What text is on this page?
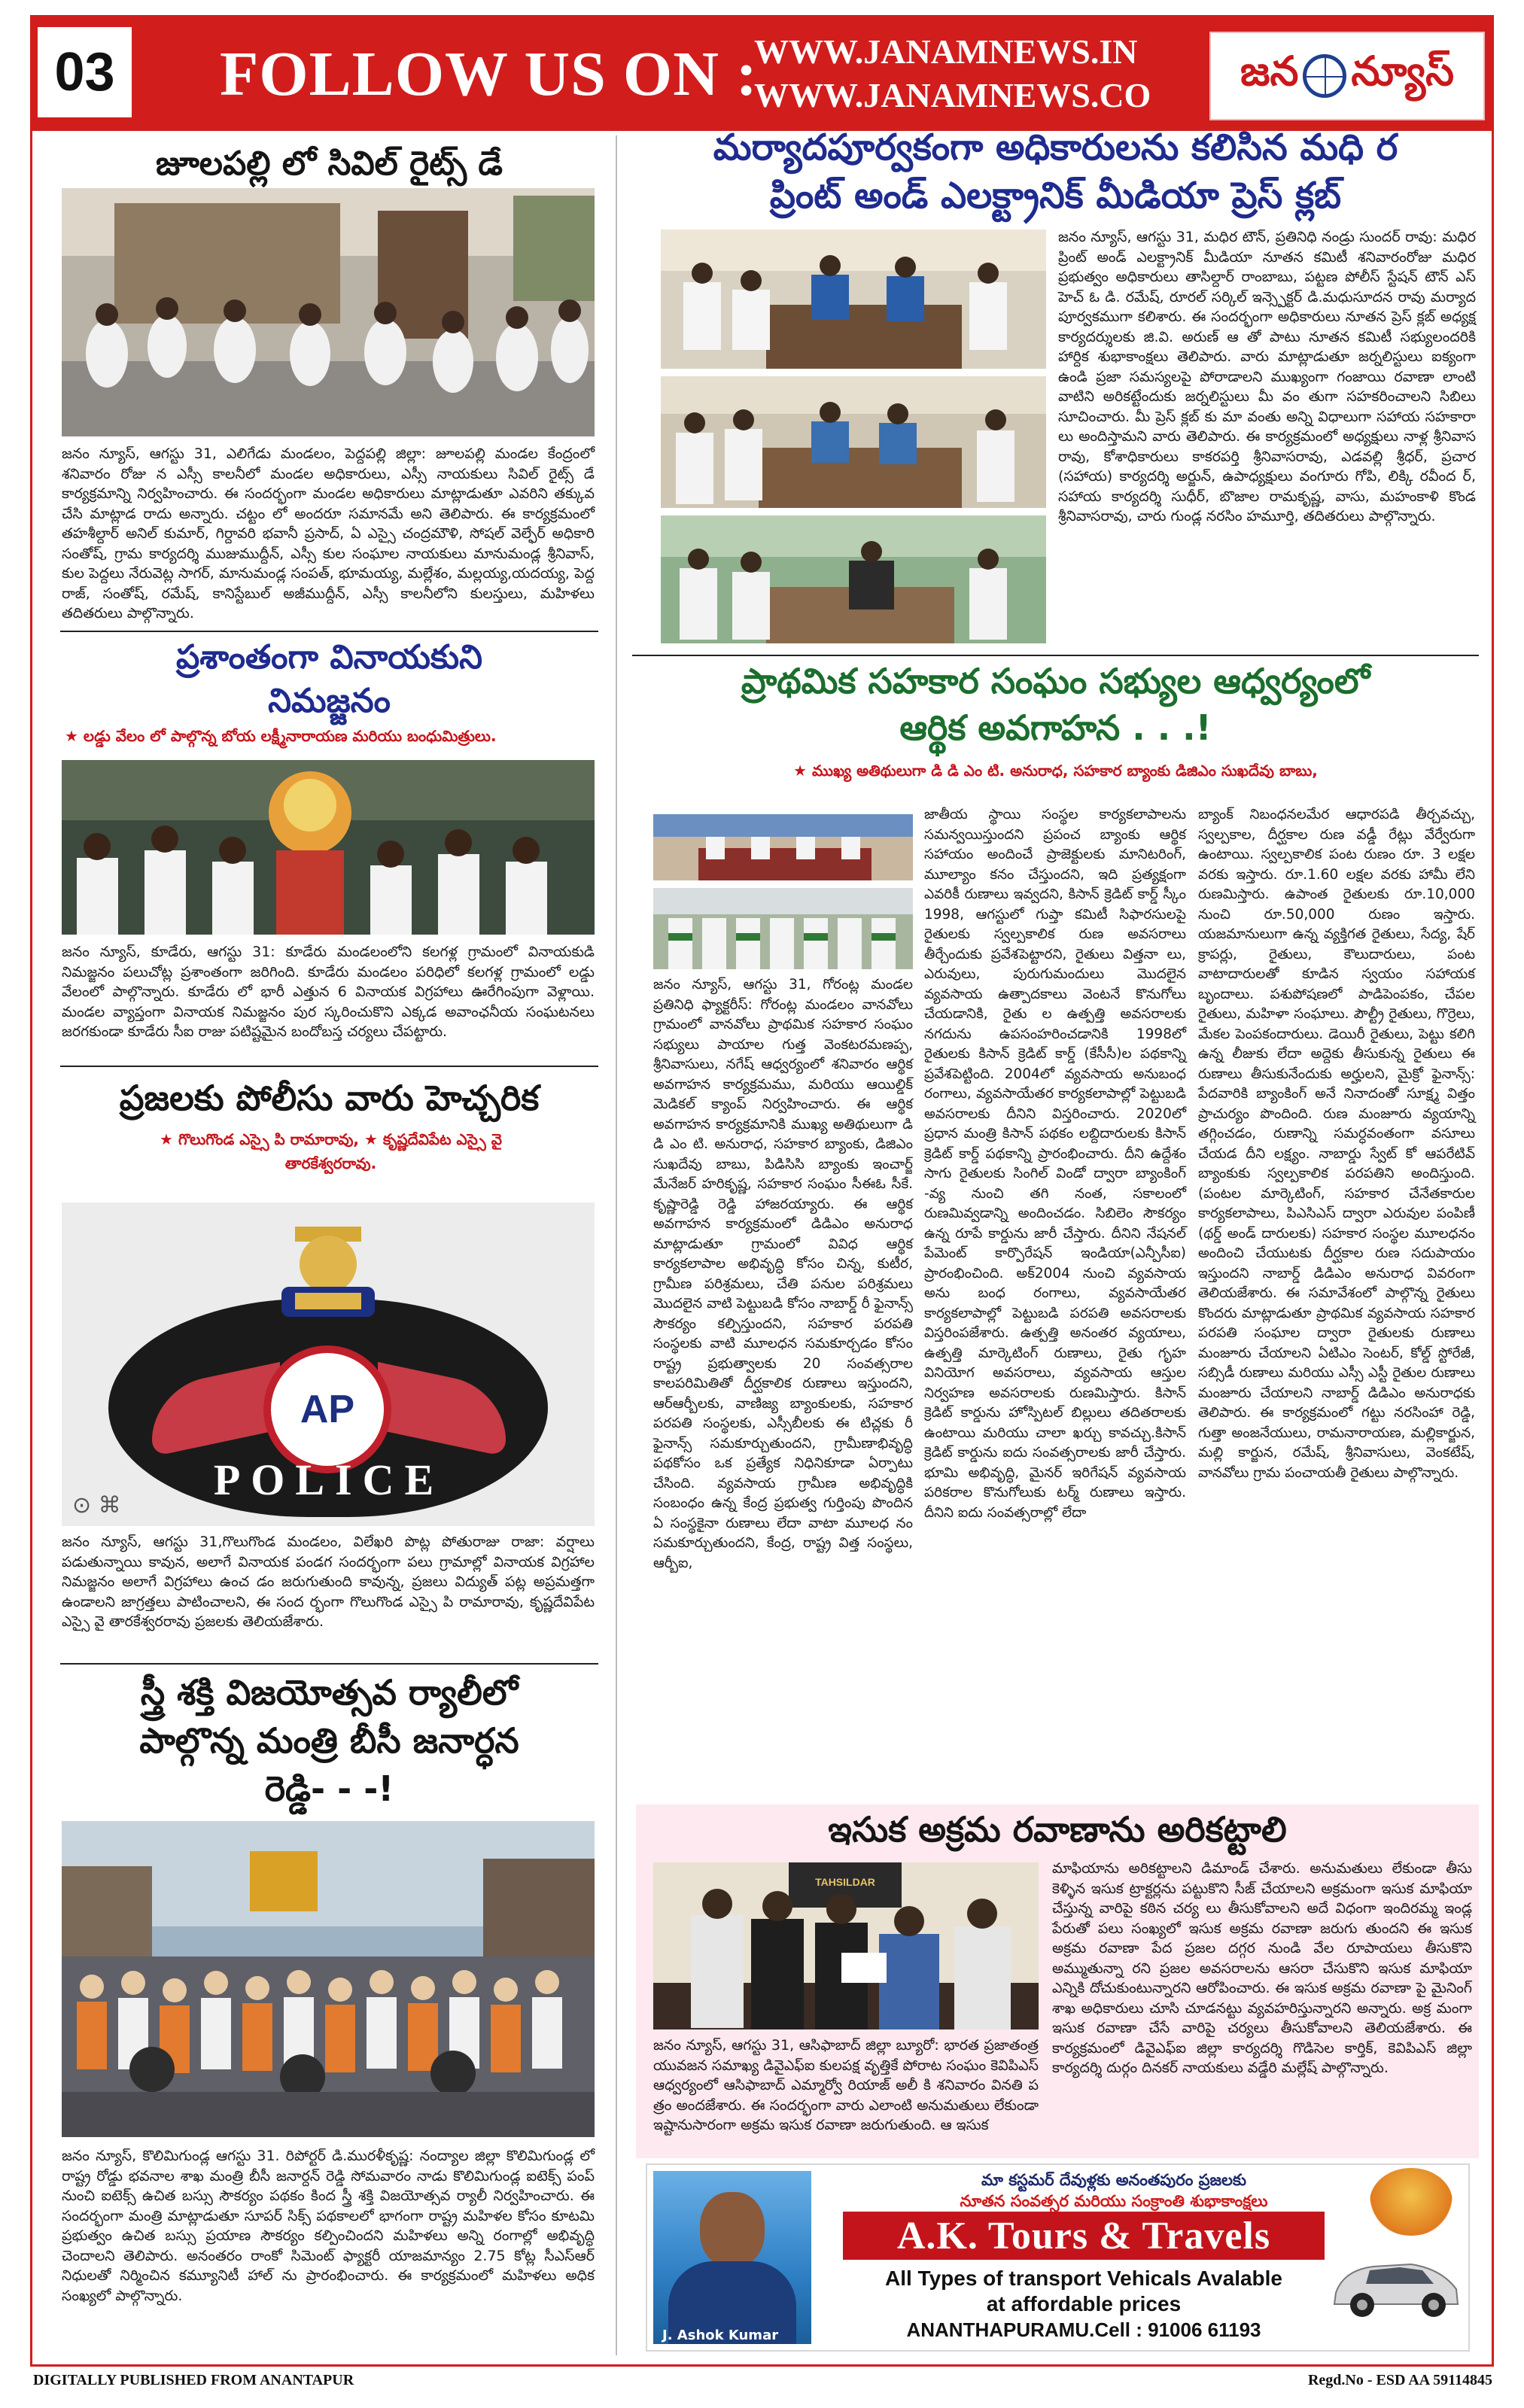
03 FOLLOW US ON :
WWW.JANAMNEWS.IN
WWW.JANAMNEWS.CO
జన న్యూస్
జూలపల్లి లో సివిల్ రైట్స్ డే
జనం న్యూస్, ఆగస్టు 31, ఎలిగేడు మండలం, పెద్దపల్లి జిల్లా: జూలపల్లి మండల కేంద్రంలో శనివారం రోజు న ఎస్సీ కాలనీలో మండల అధికారులు, ఎస్సీ నాయకులు సివిల్ రైట్స్ డే కార్యక్రమాన్ని నిర్వహించారు. ఈ సందర్భంగా మండల అధికారులు మాట్లాడుతూ ఎవరిని తక్కువ చేసి మాట్లాడ రాదు అన్నారు. చట్టం లో అందరూ సమానమే అని తెలిపారు. ఈ కార్యక్రమంలో తహశీల్దార్ అనిల్ కుమార్, గిర్దావరి భవానీ ప్రసాద్, ఏ ఎస్సై చంద్రమౌళి, సోషల్ వెల్ఫేర్ అధికారి సంతోష్, గ్రామ కార్యదర్శి ముజుముద్దీన్, ఎస్సీ కుల సంఘాల నాయకులు మానుమండ్ల శ్రీనివాస్, కుల పెద్దలు నేరువెట్ల సాగర్, మానుమండ్ల సంపత్, భూమయ్య, మల్లేశం, మల్లయ్య,యదయ్య, పెద్ద రాజ్, సంతోష్, రమేష్, కానిస్టేబుల్ అజీముద్దీన్, ఎస్సీ కాలనీలోని కులస్తులు, మహిళలు తదితరులు పాల్గొన్నారు.
ప్రశాంతంగా వినాయకుని
నిమజ్జనం
★ లడ్డు వేలం లో పాల్గొన్న బోయ లక్ష్మీనారాయణ మరియు బంధుమిత్రులు.
జనం న్యూస్, కూడేరు, ఆగస్టు 31: కూడేరు మండలంలోని కలగళ్ల గ్రామంలో వినాయకుడి నిమజ్జనం పలుచోట్ల ప్రశాంతంగా జరిగింది. కూడేరు మండలం పరిధిలో కలగళ్ల గ్రామంలో లడ్డు వేలంలో పాల్గొన్నారు. కూడేరు లో భారీ ఎత్తున 6 వినాయక విగ్రహాలు ఊరేగింపుగా వెళ్లాయి. మండల వ్యాప్తంగా వినాయక నిమజ్జనం పుర స్కరించుకొని ఎక్కడ అవాంఛనీయ సంఘటనలు జరగకుండా కూడేరు సీఐ రాజు పటిష్టమైన బందోబస్త చర్యలు చేపట్టారు.
ప్రజలకు పోలీసు వారు హెచ్చరిక
★ గొలుగొండ ఎస్సై పి రామారావు, ★ కృష్ణదేవిపేట ఎస్సై వై
తారకేశ్వరరావు.
AP
POLICE
⊙ ⌘
జనం న్యూస్, ఆగస్టు 31,గొలుగొండ మండలం, విలేఖరి పొట్ల పోతురాజు రాజా: వర్షాలు పడుతున్నాయి కావున, అలాగే వినాయక పండగ సందర్భంగా పలు గ్రామాల్లో వినాయక విగ్రహాల నిమజ్జనం అలాగే విగ్రహాలు ఉంచ డం జరుగుతుంది కావున్న, ప్రజలు విద్యుత్ పట్ల అప్రమత్తగా ఉండాలని జాగ్రత్తలు పాటించాలని, ఈ సంద ర్భంగా గొలుగొండ ఎస్సై పి రామారావు, కృష్ణదేవిపేట ఎస్సై వై తారకేశ్వరరావు ప్రజలకు తెలియజేశారు.
స్త్రీ శక్తి విజయోత్సవ ర్యాలీలో
పాల్గొన్న మంత్రి బీసీ జనార్ధన
రెడ్డి- - -!
జనం న్యూస్, కొలిమిగుండ్ల ఆగస్టు 31. రిపోర్టర్ డి.మురళీకృష్ణ: నంద్యాల జిల్లా కొలిమిగుండ్ల లో రాష్ట్ర రోడ్డు భవనాల శాఖ మంత్రి బీసీ జనార్దన్ రెడ్డి సోమవారం నాడు కొలిమిగుండ్ల ఐటెక్స్ పంప్ నుంచి ఐటెక్స్ ఉచిత బస్సు సౌకర్యం పథకం కింద స్త్రీ శక్తి విజయోత్సవ ర్యాలీ నిర్వహించారు. ఈ సందర్భంగా మంత్రి మాట్లాడుతూ సూపర్ సిక్స్ పథకాలలో భాగంగా రాష్ట్ర మహిళల కోసం కూటమి ప్రభుత్వం ఉచిత బస్సు ప్రయాణ సౌకర్యం కల్పించిందని మహిళలు అన్ని రంగాల్లో అభివృద్ధి చెందాలని తెలిపారు. అనంతరం రాంకో సిమెంట్ ఫ్యాక్టరీ యాజమాన్యం 2.75 కోట్ల సీఎస్ఆర్ నిధులతో నిర్మించిన కమ్యూనిటీ హాల్ ను ప్రారంభించారు. ఈ కార్యక్రమంలో మహిళలు అధిక సంఖ్యలో పాల్గొన్నారు.
మర్యాదపూర్వకంగా అధికారులను కలిసిన మధి ర
ప్రింట్ అండ్ ఎలక్ట్రానిక్ మీడియా ప్రెస్ క్లబ్
జనం న్యూస్, ఆగస్టు 31, మధిర టౌన్, ప్రతినిధి నండ్రు సుందర్ రావు: మధిర ప్రింట్ అండ్ ఎలక్ట్రానిక్ మీడియా నూతన కమిటీ శనివారంరోజు మధిర ప్రభుత్వం అధికారులు తాసిల్దార్ రాంబాబు, పట్టణ పోలీస్ స్టేషన్ టౌన్ ఎస్ హెచ్ ఓ డి. రమేష్, రూరల్ సర్కిల్ ఇన్స్పెక్టర్ డి.మధుసూదన రావు మర్యాద పూర్వకముగా కలిశారు. ఈ సందర్భంగా అధికారులు నూతన ప్రెస్ క్లబ్ అధ్యక్ష కార్యదర్శులకు జి.వి. అరుణ్ ఆ తో పాటు నూతన కమిటీ సభ్యులందరికి హార్దిక శుభాకాంక్షలు తెలిపారు. వారు మాట్లాడుతూ జర్నలిస్టులు ఐక్యంగా ఉండి ప్రజా సమస్యలపై పోరాడాలని ముఖ్యంగా గంజాయి రవాణా లాంటి వాటిని అరికట్టేందుకు జర్నలిస్టులు మీ వం తుగా సహకరించాలని సిబిలు సూచించారు. మీ ప్రెస్ క్లబ్ కు మా వంతు అన్ని విధాలుగా సహాయ సహకారా లు అందిస్తామని వారు తెలిపారు. ఈ కార్యక్రమంలో అధ్యక్షులు నాళ్ల శ్రీనివాస రావు, కోశాధికారులు కాకరపర్తి శ్రీనివాసరావు, ఎడవల్లి శ్రీధర్, ప్రచార (సహాయ) కార్యదర్శి అర్జున్, ఉపాధ్యక్షులు వంగూరు గోపి, లిక్కి రవీంద ర్, సహాయ కార్యదర్శి సుధీర్, బొజాల రామకృష్ణ, వాసు, మహంకాళి కొండ శ్రీనివాసరావు, చారు గుండ్ల నరసిం హమూర్తి, తదితరులు పాల్గొన్నారు.
ప్రాథమిక సహకార సంఘం సభ్యుల ఆధ్వర్యంలో
ఆర్థిక అవగాహన . . .!
★ ముఖ్య అతిథులుగా డి డి ఎం టి. అనురాధ, సహకార బ్యాంకు డిజిఎం సుఖదేవు బాబు,
జనం న్యూస్, ఆగస్టు 31, గోరంట్ల మండల ప్రతినిధి ఫ్యాక్టరీస్: గోరంట్ల మండలం వానవోలు గ్రామంలో వానవోలు ప్రాథమిక సహకార సంఘం సభ్యులు పాయాల గుత్త వెంకటరమణప్ప, శ్రీనివాసులు, నగేష్ ఆధ్వర్యంలో శనివారం ఆర్థిక అవగాహన కార్యక్రమము, మరియు ఆయిల్డిక్ మెడికల్ క్యాంప్ నిర్వహించారు. ఈ ఆర్థిక అవగాహన కార్యక్రమానికి ముఖ్య అతిథులుగా డి డి ఎం టి. అనురాధ, సహకార బ్యాంకు, డిజిఎం సుఖదేవు బాబు, పిడిసిసి బ్యాంకు ఇంచార్జ్ మేనేజర్ హరికృష్ణ, సహకార సంఘం సీఈఓ సీకే. కృష్ణారెడ్డి రెడ్డి హాజరయ్యారు. ఈ ఆర్థిక అవగాహన కార్యక్రమంలో డిడిఎం అనురాధ మాట్లాడుతూ గ్రామంలో వివిధ ఆర్థిక కార్యకలాపాల అభివృద్ధి కోసం చిన్న, కుటీర, గ్రామీణ పరిశ్రమలు, చేతి పనుల పరిశ్రమలు మొదలైన వాటి పెట్టుబడి కోసం నాబార్డ్ రీ ఫైనాన్స్ సౌకర్యం కల్పిస్తుందని, సహకార పరపతి సంస్థలకు వాటి మూలధన సమకూర్చడం కోసం రాష్ట్ర ప్రభుత్వాలకు 20 సంవత్సరాల కాలపరిమితితో దీర్ఘకాలిక రుణాలు ఇస్తుందని, ఆర్ఆర్బీలకు, వాణిజ్య బ్యాంకులకు, సహకార పరపతి సంస్థలకు, ఎస్సీబీలకు ఈ టిచ్లకు రీ ఫైనాన్స్ సమకూర్చుతుందని, గ్రామీణాభివృద్ధి పథకోసం ఒక ప్రత్యేక నిధినికూడా ఏర్పాటు చేసింది. వ్యవసాయ గ్రామీణ అభివృద్ధికి సంబంధం ఉన్న కేంద్ర ప్రభుత్వ గుర్తింపు పొందిన ఏ సంస్థకైనా రుణాలు లేదా వాటా మూలధ నం సమకూర్చుతుందని, కేంద్ర, రాష్ట్ర విత్త సంస్థలు, ఆర్బీఐ,
జాతీయ స్థాయి సంస్థల కార్యకలాపాలను సమన్వయిస్తుందని ప్రపంచ బ్యాంకు ఆర్థిక సహాయం అందించే ప్రాజెక్టులకు మానిటరింగ్, మూల్యాం కనం చేస్తుందని, ఇది ప్రత్యక్షంగా ఎవరికీ రుణాలు ఇవ్వదని, కిసాన్ క్రెడిట్ కార్డ్ స్కీం 1998, ఆగస్టులో గుప్తా కమిటీ సిఫారసులపై రైతులకు స్వల్పకాలిక రుణ అవసరాలు తీర్చేందుకు ప్రవేశపెట్టారని, రైతులు విత్తనా లు, ఎరువులు, పురుగుమందులు మొదలైన వ్యవసాయ ఉత్పాదకాలు వెంటనే కొనుగోలు చేయడానికి, రైతు ల ఉత్పత్తి అవసరాలకు నగదును ఉపసంహరించడానికి 1998లో రైతులకు కిసాన్ క్రెడిట్ కార్డ్ (కేసీసీ)ల పథకాన్ని ప్రవేశపెట్టింది. 2004లో వ్యవసాయ అనుబంధ రంగాలు, వ్యవసాయేతర కార్యకలాపాల్లో పెట్టుబడి అవసరాలకు దీనిని విస్తరించారు. 2020లో ప్రధాన మంత్రి కిసాన్ పథకం లబ్దిదారులకు కిసాన్ క్రెడిట్ కార్డ్ పథకాన్ని ప్రారంభించారు. దీని ఉద్దేశం సాగు రైతులకు సింగిల్ విండో ద్వారా బ్యాంకింగ్ -వ్య నుంచి తగి నంత, సకాలంలో రుణమివ్వడాన్ని అందించడం. సిబిలెం సౌకర్యం ఉన్న రూపే కార్డును జారీ చేస్తారు. దీనిని నేషనల్ పేమెంట్ కార్పొరేషన్ ఇండియా(ఎన్పీసీఐ) ప్రారంభించింది. అక్2004 నుంచి వ్యవసాయ అను బంధ రంగాలు, వ్యవసాయేతర కార్యకలాపాల్లో పెట్టుబడి పరపతి అవసరాలకు విస్తరింపజేశారు. ఉత్పత్తి అనంతర వ్యయాలు, ఉత్పత్తి మార్కెటింగ్ రుణాలు, రైతు గృహ వినియోగ అవసరాలు, వ్యవసాయ ఆస్తుల నిర్వహణ అవసరాలకు రుణమిస్తారు. కిసాన్ క్రెడిట్ కార్డును హోస్పిటల్ బిల్లులు తదితరాలకు ఉంటాయి మరియు చాలా ఖర్చు కావచ్చు.కిసాన్ క్రెడిట్ కార్డును ఐదు సంవత్సరాలకు జారీ చేస్తారు. భూమి అభివృద్ధి, మైనర్ ఇరిగేషన్ వ్యవసాయ పరికరాల కొనుగోలుకు టర్మ్ రుణాలు ఇస్తారు. దీనిని ఐదు సంవత్సరాల్లో లేదా
బ్యాంక్ నిబంధనలమేర ఆధారపడి తీర్చవచ్చు, స్వల్పకాల, దీర్ఘకాల రుణ వడ్డీ రేట్లు వేర్వేరుగా ఉంటాయి. స్వల్పకాలిక పంట రుణం రూ. 3 లక్షల వరకు ఇస్తారు. రూ.1.60 లక్షల వరకు హామీ లేని రుణమిస్తారు. ఉపాంత రైతులకు రూ.10,000 నుంచి రూ.50,000 రుణం ఇస్తారు. యజమానులుగా ఉన్న వ్యక్తిగత రైతులు, సేద్య, షేర్ క్రాపర్లు, రైతులు, కౌలుదారులు, పంట వాటాదారులతో కూడిన స్వయం సహాయక బృందాలు. పశుపోషణలో పాడిపెంపకం, చేపల రైతులు, మహిళా సంఘాలు. పౌల్ట్రీ రైతులు, గొర్రెలు, మేకల పెంపకందారులు. డెయిరీ రైతులు, పెట్టు కలిగి ఉన్న లీజుకు లేదా అద్దెకు తీసుకున్న రైతులు ఈ రుణాలు తీసుకునేందుకు అర్హులని, మైక్రో ఫైనాన్స్: పేదవారికి బ్యాంకింగ్ అనే నినాదంతో సూక్ష్మ విత్తం ప్రాచుర్యం పొందింది. రుణ మంజూరు వ్యయాన్ని తగ్గించడం, రుణాన్ని సమర్ధవంతంగా వసూలు చేయడ దీని లక్ష్యం. నాబార్డు స్వేట్ కో ఆపరేటివ్ బ్యాంకుకు స్వల్పకాలిక పరపతిని అందిస్తుంది. (పంటల మార్కెటింగ్, సహకార చేనేతకారుల కార్యకలాపాలు, పిఎసిఎస్ ద్వారా ఎరువుల పంపిణీ (థర్డ్ అండ్ దారులకు) సహకార సంస్థల మూలధనం అందించి చేయుటకు దీర్ఘకాల రుణ సదుపాయం ఇస్తుందని నాబార్డ్ డిడిఎం అనురాధ వివరంగా తెలియజేశారు. ఈ సమావేశంలో పాల్గొన్న రైతులు కొందరు మాట్లాడుతూ ప్రాథమిక వ్యవసాయ సహకార పరపతి సంఘాల ద్వారా రైతులకు రుణాలు మంజూరు చేయాలని ఏటిఎం సెంటర్, కోల్డ్ స్టోరేజీ, సబ్సిడీ రుణాలు మరియు ఎస్సీ ఎస్టీ రైతుల రుణాలు మంజూరు చేయాలని నాబార్డ్ డిడిఎం అనురాధకు తెలిపారు. ఈ కార్యక్రమంలో గట్టు నరసింహా రెడ్డి, గుత్తా అంజనేయులు, రామనారాయణ, మల్లికార్జున, మల్లి కార్జున, రమేష్, శ్రీనివాసులు, వెంకటేష్, వానవోలు గ్రామ పంచాయతీ రైతులు పాల్గొన్నారు.
ఇసుక అక్రమ రవాణాను అరికట్టాలి
TAHSILDAR
జనం న్యూస్, ఆగస్టు 31, ఆసిఫాబాద్ జిల్లా బ్యూరో: భారత ప్రజాతంత్ర యువజన సమాఖ్య డివైఎఫ్ఐ కులపక్ష వృత్తికే పోరాట సంఘం కెవిపిఎస్ ఆధ్వర్యంలో ఆసిఫాబాద్ ఎమ్మార్వో రియాజ్ అలీ కి శనివారం వినతి ప త్రం అందజేశారు. ఈ సందర్భంగా వారు ఎలాంటి అనుమతులు లేకుండా ఇష్టానుసారంగా అక్రమ ఇసుక రవాణా జరుగుతుంది. ఆ ఇసుక
మాఫియాను అరికట్టాలని డిమాండ్ చేశారు. అనుమతులు లేకుండా తీసు కెళ్ళిన ఇసుక ట్రాక్టర్లను పట్టుకొని సీజ్ చేయాలని అక్రమంగా ఇసుక మాఫియా చేస్తున్న వారిపై కఠిన చర్య లు తీసుకోవాలని అదే విధంగా ఇందిరమ్మ ఇండ్ల పేరుతో పలు సంఖ్యలో ఇసుక అక్రమ రవాణా జరుగు తుందని ఈ ఇసుక అక్రమ రవాణా పేద ప్రజల దగ్గర నుండి వేల రూపాయలు తీసుకొని అమ్ముతున్నా రని ప్రజల అవసరాలను ఆసరా చేసుకొని ఇసుక మాఫియా ఎన్నికి దోచుకుంటున్నారని ఆరోపించారు. ఈ ఇసుక అక్రమ రవాణా పై మైనింగ్ శాఖ అధికారులు చూసి చూడనట్టు వ్యవహరిస్తున్నారని అన్నారు. అక్ర మంగా ఇసుక రవాణా చేసే వారిపై చర్యలు తీసుకోవాలని తెలియజేశారు. ఈ కార్యక్రమంలో డివైఎఫ్ఐ జిల్లా కార్యదర్శి గొడిసెల కార్తిక్, కెవిపిఎస్ జిల్లా కార్యదర్శి దుర్గం దినకర్ నాయకులు వడ్డేరి మల్లేష్ పాల్గొన్నారు.
J. Ashok Kumar
మా కస్టమర్ దేవుళ్లకు అనంతపురం ప్రజలకు
నూతన సంవత్సర మరియు సంక్రాంతి శుభాకాంక్షలు
A.K. Tours & Travels
All Types of transport Vehicals Avalable
at affordable prices
ANANTHAPURAMU.Cell : 91006 61193
DIGITALLY PUBLISHED FROM ANANTAPUR	Regd.No - ESD AA 59114845
